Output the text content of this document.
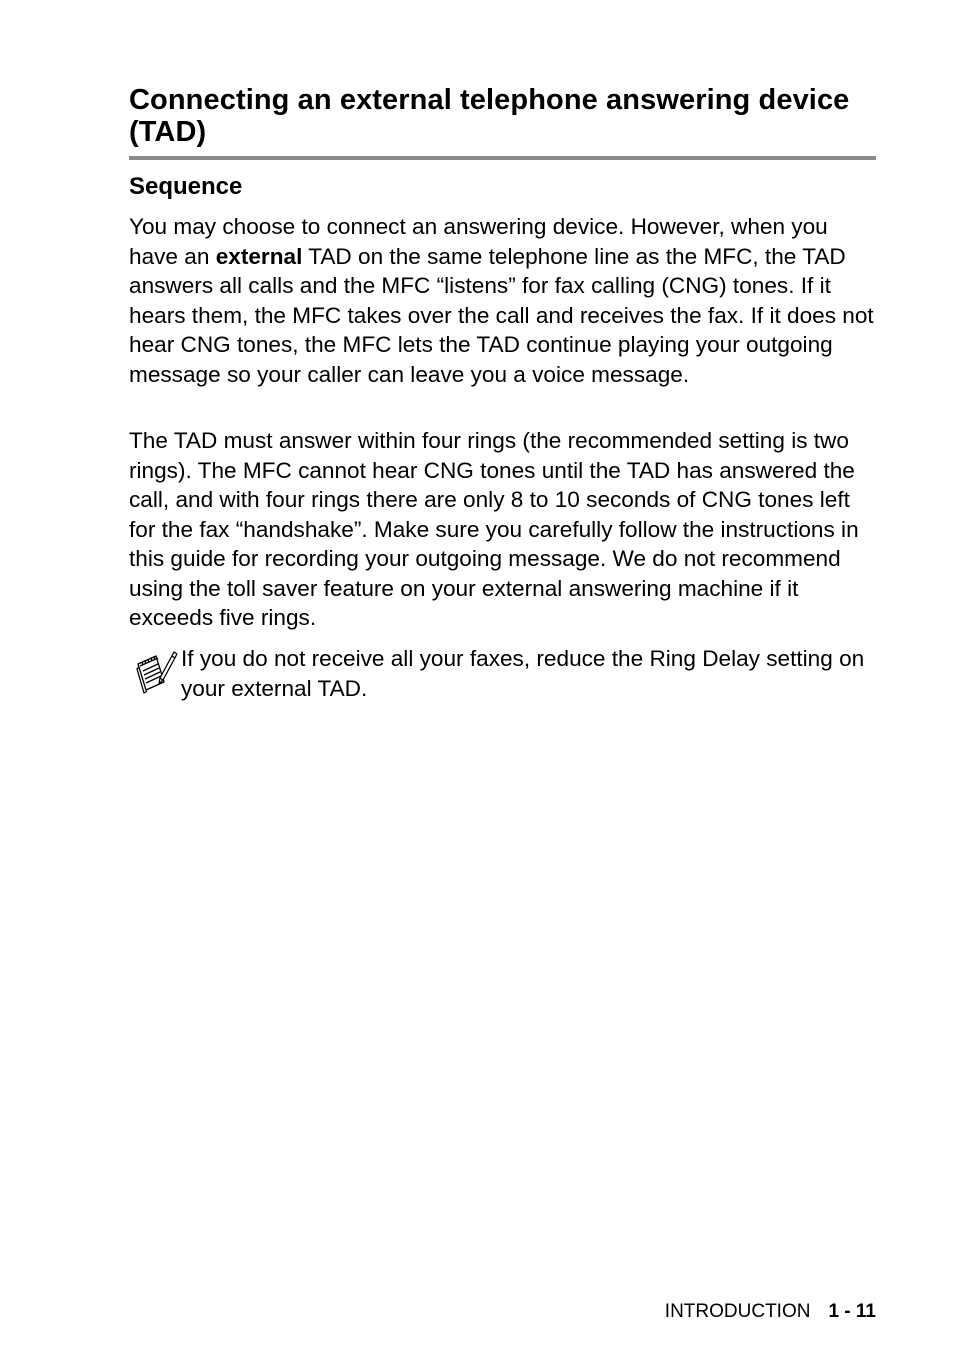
Connecting an external telephone answering device (TAD)
Sequence

You may choose to connect an answering device. However, when you have an external TAD on the same telephone line as the MFC, the TAD answers all calls and the MFC “listens” for fax calling (CNG) tones. If it hears them, the MFC takes over the call and receives the fax. If it does not hear CNG tones, the MFC lets the TAD continue playing your outgoing message so your caller can leave you a voice message.

The TAD must answer within four rings (the recommended setting is two rings). The MFC cannot hear CNG tones until the TAD has answered the call, and with four rings there are only 8 to 10 seconds of CNG tones left for the fax “handshake”. Make sure you carefully follow the instructions in this guide for recording your outgoing message. We do not recommend using the toll saver feature on your external answering machine if it exceeds five rings.

If you do not receive all your faxes, reduce the Ring Delay setting on your external TAD.

INTRODUCTION 1 - 11
